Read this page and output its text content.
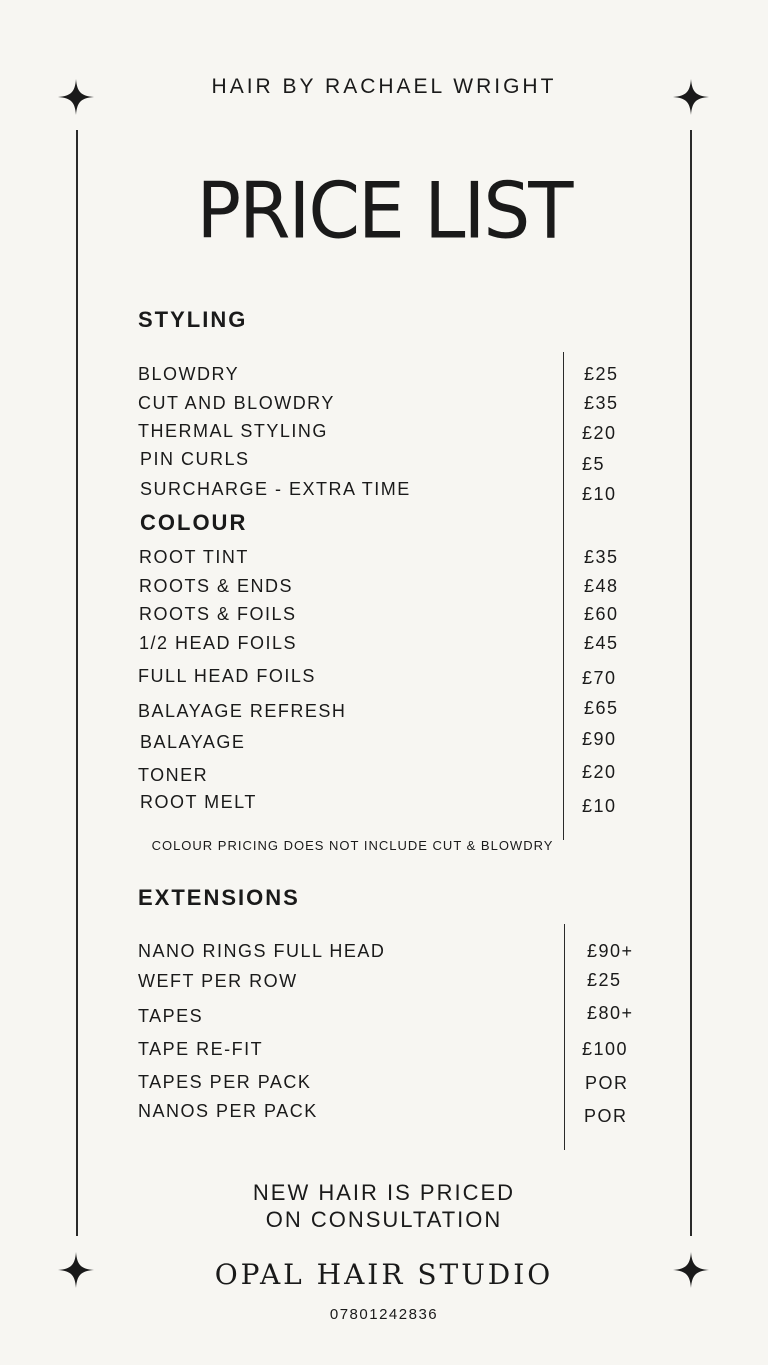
HAIR BY RACHAEL WRIGHT
PRICE LIST
STYLING
BLOWDRY	£25
CUT AND BLOWDRY	£35
THERMAL STYLING	£20
PIN CURLS	£5
SURCHARGE - EXTRA TIME	£10
COLOUR
ROOT TINT	£35
ROOTS & ENDS	£48
ROOTS & FOILS	£60
1/2 HEAD FOILS	£45
FULL HEAD FOILS	£70
BALAYAGE REFRESH	£65
BALAYAGE	£90
TONER	£20
ROOT MELT	£10
COLOUR PRICING DOES NOT INCLUDE CUT & BLOWDRY
EXTENSIONS
NANO RINGS FULL HEAD	£90+
WEFT PER ROW	£25
TAPES	£80+
TAPE RE-FIT	£100
TAPES PER PACK	POR
NANOS PER PACK	POR
NEW HAIR IS PRICED
ON CONSULTATION
OPAL HAIR STUDIO
07801242836
